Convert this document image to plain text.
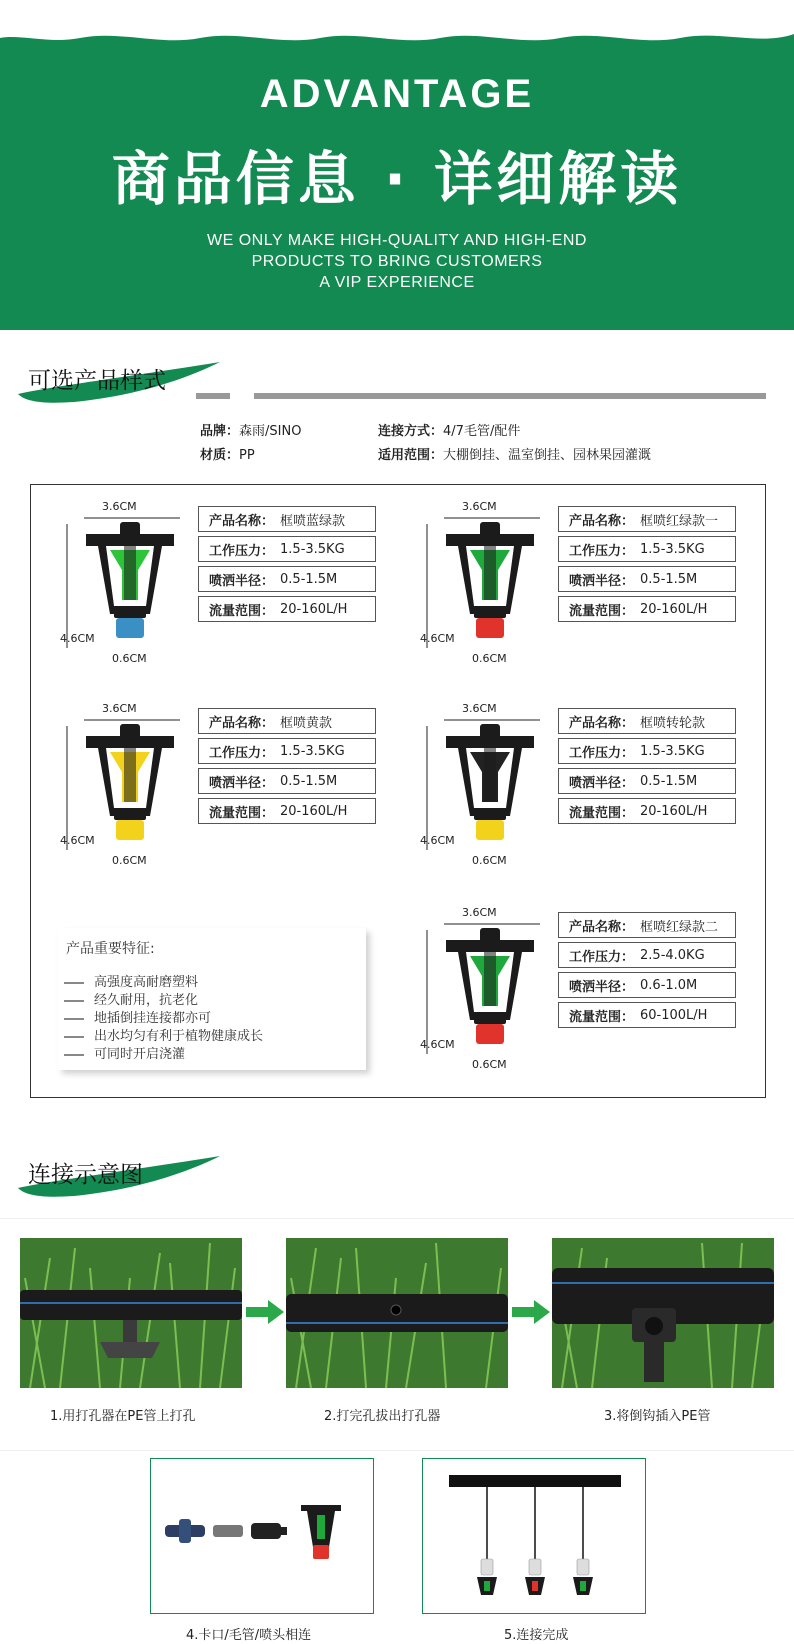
ADVANTAGE
商品信息 · 详细解读
WE ONLY MAKE HIGH-QUALITY AND HIGH-END
PRODUCTS TO BRING CUSTOMERS
A VIP EXPERIENCE
可选产品样式
品牌：森雨/SINO	连接方式：4/7毛管/配件
材质：PP	适用范围：大棚倒挂、温室倒挂、园林果园灌溉
3.6CM
4.6CM
0.6CM
产品名称： 框喷蓝绿款
工作压力： 1.5-3.5KG
喷洒半径： 0.5-1.5M
流量范围： 20-160L/H
3.6CM
4.6CM
0.6CM
产品名称： 框喷红绿款一
工作压力： 1.5-3.5KG
喷洒半径： 0.5-1.5M
流量范围： 20-160L/H
3.6CM
4.6CM
0.6CM
产品名称： 框喷黄款
工作压力： 1.5-3.5KG
喷洒半径： 0.5-1.5M
流量范围： 20-160L/H
3.6CM
4.6CM
0.6CM
产品名称： 框喷转轮款
工作压力： 1.5-3.5KG
喷洒半径： 0.5-1.5M
流量范围： 20-160L/H
3.6CM
4.6CM
0.6CM
产品名称： 框喷红绿款二
工作压力： 2.5-4.0KG
喷洒半径： 0.6-1.0M
流量范围： 60-100L/H
产品重要特征:
高强度高耐磨塑料
经久耐用，抗老化
地插倒挂连接都亦可
出水均匀有利于植物健康成长
可同时开启浇灌
连接示意图
1.用打孔器在PE管上打孔	2.打完孔拔出打孔器	3.将倒钩插入PE管
4.卡口/毛管/喷头相连	5.连接完成
